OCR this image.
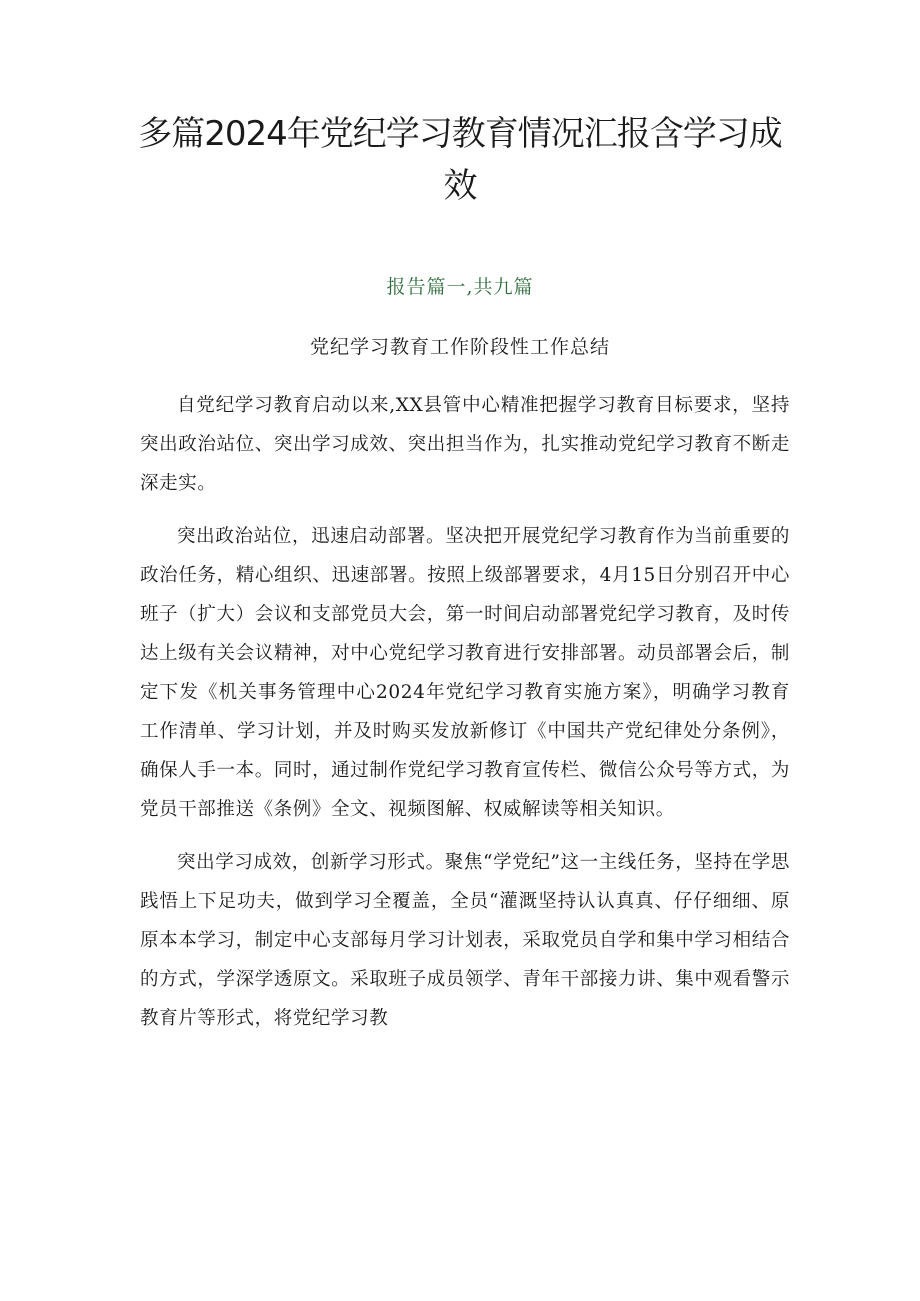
多篇2024年党纪学习教育情况汇报含学习成效
报告篇一,共九篇
党纪学习教育工作阶段性工作总结

自党纪学习教育启动以来,XX县管中心精准把握学习教育目标要求，坚持突出政治站位、突出学习成效、突出担当作为，扎实推动党纪学习教育不断走深走实。

突出政治站位，迅速启动部署。坚决把开展党纪学习教育作为当前重要的政治任务，精心组织、迅速部署。按照上级部署要求，4月15日分别召开中心班子（扩大）会议和支部党员大会，第一时间启动部署党纪学习教育，及时传达上级有关会议精神，对中心党纪学习教育进行安排部署。动员部署会后，制定下发《机关事务管理中心2024年党纪学习教育实施方案》，明确学习教育工作清单、学习计划，并及时购买发放新修订《中国共产党纪律处分条例》，确保人手一本。同时，通过制作党纪学习教育宣传栏、微信公众号等方式，为党员干部推送《条例》全文、视频图解、权威解读等相关知识。

突出学习成效，创新学习形式。聚焦“学党纪”这一主线任务，坚持在学思践悟上下足功夫，做到学习全覆盖，全员“灌溉坚持认认真真、仔仔细细、原原本本学习，制定中心支部每月学习计划表，采取党员自学和集中学习相结合的方式，学深学透原文。采取班子成员领学、青年干部接力讲、集中观看警示教育片等形式，将党纪学习教
